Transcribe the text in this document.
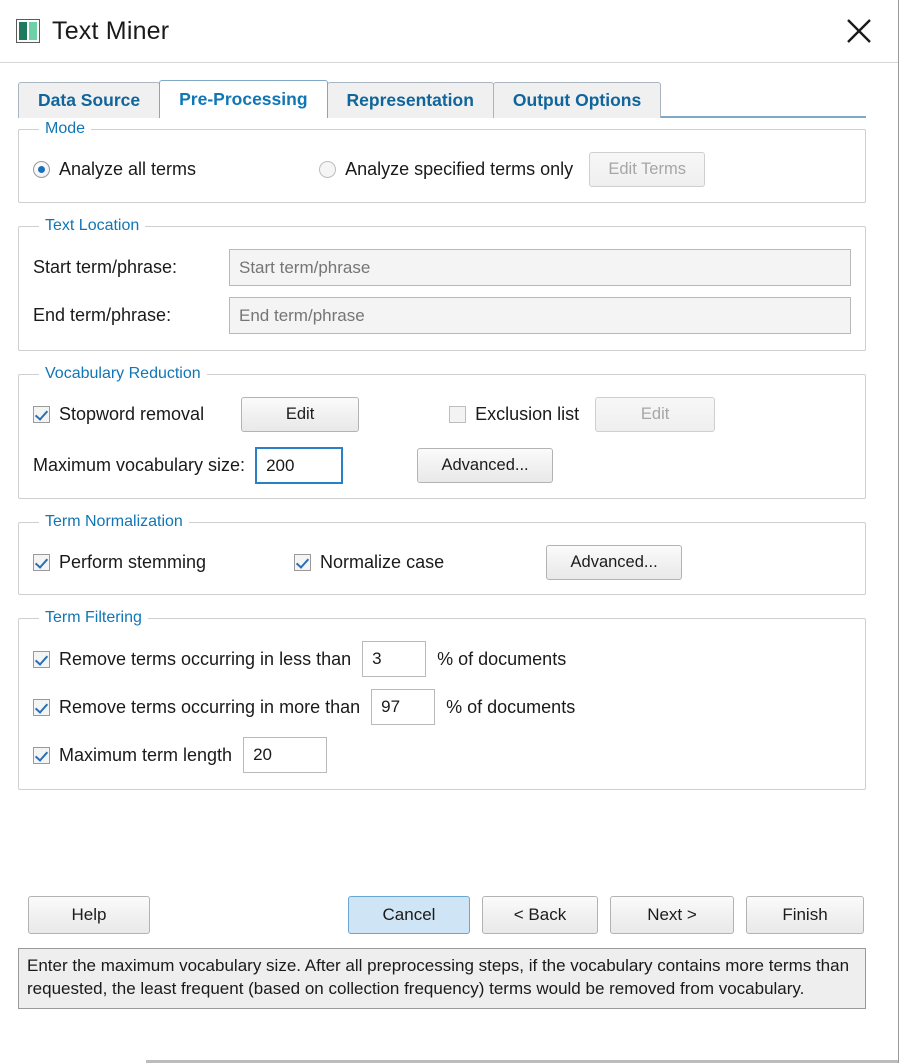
Text Miner
Data Source Pre-Processing Representation Output Options
Mode
Analyze all terms	Analyze specified terms only	Edit Terms
Text Location
Start term/phrase:
Start term/phrase
End term/phrase:
End term/phrase
Vocabulary Reduction
Stopword removal	Edit	Exclusion list	Edit
Maximum vocabulary size:
200	Advanced...
Term Normalization
Perform stemming	Normalize case	Advanced...
Term Filtering
Remove terms occurring in less than
3	% of documents
Remove terms occurring in more than
97	% of documents
Maximum term length
20
Help	Cancel	< Back	Next >	Finish
Enter the maximum vocabulary size. After all preprocessing steps, if the vocabulary contains more terms than requested, the least frequent (based on collection frequency) terms would be removed from vocabulary.
